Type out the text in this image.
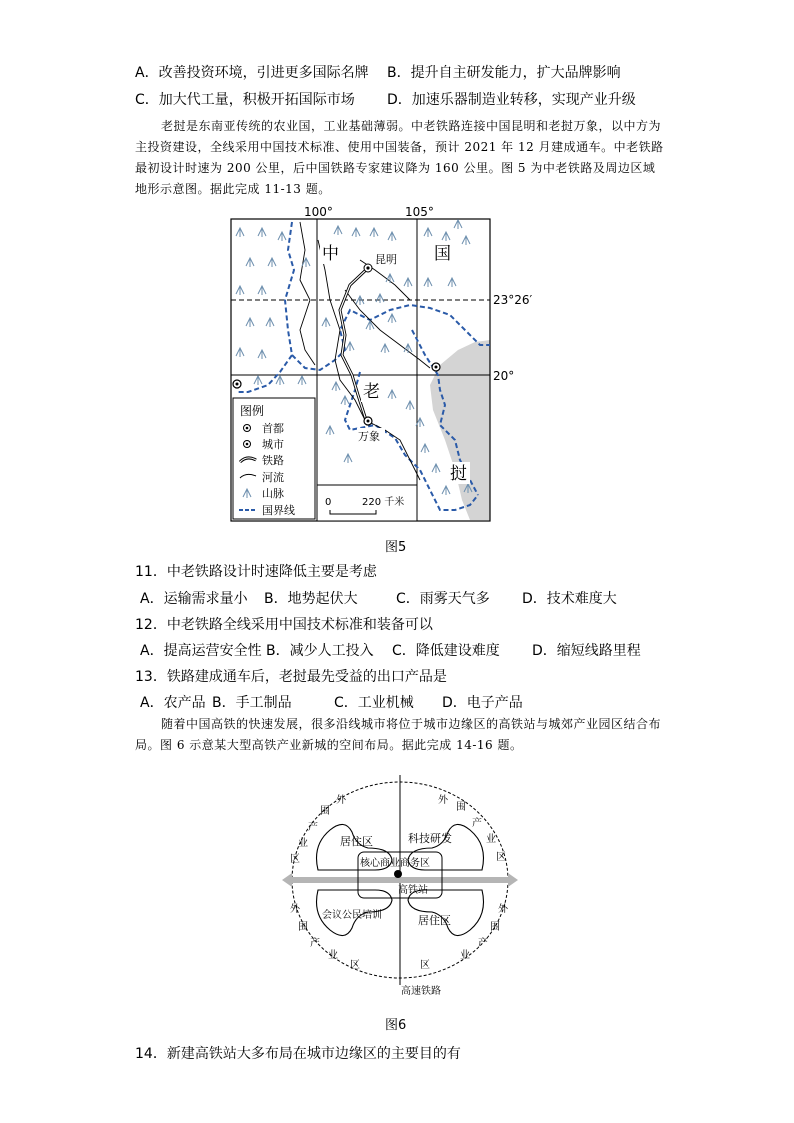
A．改善投资环境，引进更多国际名牌 B．提升自主研发能力，扩大品牌影响
C．加大代工量，积极开拓国际市场 D．加速乐器制造业转移，实现产业升级
老挝是东南亚传统的农业国，工业基础薄弱。中老铁路连接中国昆明和老挝万象，以中方为主投资建设，全线采用中国技术标准、使用中国装备，预计 2021 年 12 月建成通车。中老铁路最初设计时速为 200 公里，后中国铁路专家建议降为 160 公里。图 5 为中老铁路及周边区域地形示意图。据此完成 11-13 题。
100°	105°
23°26′
20°
中	国
老
挝
昆明
万象
图例
首都
城市
铁路
河流
山脉
国界线
0	220 千米
图5
11．中老铁路设计时速降低主要是考虑
A．运输需求量小 B．地势起伏大	C．雨雾天气多 D．技术难度大
12．中老铁路全线采用中国技术标准和装备可以
A．提高运营安全性 B．减少人工投入 C．降低建设难度 D．缩短线路里程
13．铁路建成通车后，老挝最先受益的出口产品是
A．农产品 B．手工制品	C．工业机械 D．电子产品
随着中国高铁的快速发展，很多沿线城市将位于城市边缘区的高铁站与城郊产业园区结合布局。图 6 示意某大型高铁产业新城的空间布局。据此完成 14-16 题。
居住区	科技研发
核心商业商务区
高铁站
会议公民培训	居住区
高速铁路
外
围
产
业
区
外
围
产
业
区
外
围
产
业
区
外
围
产
业
区
图6
14．新建高铁站大多布局在城市边缘区的主要目的有
